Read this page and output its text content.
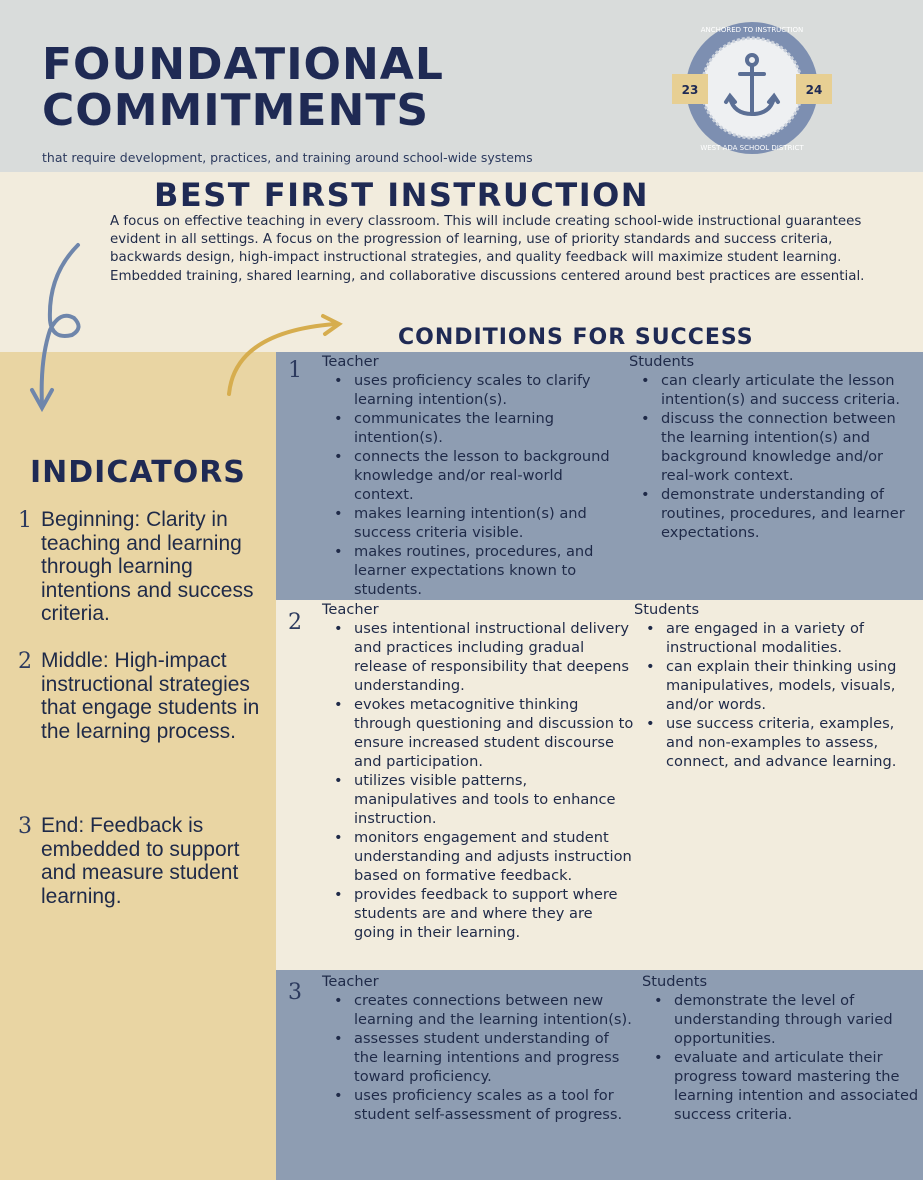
FOUNDATIONAL
COMMITMENTS
that require development, practices, and training around school-wide systems
23	24
ANCHORED TO INSTRUCTION
WEST ADA SCHOOL DISTRICT
BEST FIRST INSTRUCTION
A focus on effective teaching in every classroom. This will include creating school-wide instructional guarantees evident in all settings. A focus on the progression of learning, use of priority standards and success criteria, backwards design, high-impact instructional strategies, and quality feedback will maximize student learning. Embedded training, shared learning, and collaborative discussions centered around best practices are essential.
CONDITIONS FOR SUCCESS
INDICATORS
1 Beginning: Clarity in teaching and learning through learning intentions and success criteria.
2 Middle: High-impact instructional strategies that engage students in the learning process.
3 End: Feedback is embedded to support and measure student learning.
1 Teacher
• uses proficiency scales to clarify learning intention(s).
• communicates the learning intention(s).
• connects the lesson to background knowledge and/or real-world context.
• makes learning intention(s) and success criteria visible.
• makes routines, procedures, and learner expectations known to students.
Students
• can clearly articulate the lesson intention(s) and success criteria.
• discuss the connection between the learning intention(s) and background knowledge and/or real-work context.
• demonstrate understanding of routines, procedures, and learner expectations.
2
Teacher
• uses intentional instructional delivery and practices including gradual release of responsibility that deepens understanding.
• evokes metacognitive thinking through questioning and discussion to ensure increased student discourse and participation.
• utilizes visible patterns, manipulatives and tools to enhance instruction.
• monitors engagement and student understanding and adjusts instruction based on formative feedback.
• provides feedback to support where students are and where they are going in their learning.
Students
• are engaged in a variety of instructional modalities.
• can explain their thinking using manipulatives, models, visuals, and/or words.
• use success criteria, examples, and non-examples to assess, connect, and advance learning.
3 Teacher
• creates connections between new learning and the learning intention(s).
• assesses student understanding of the learning intentions and progress toward proficiency.
• uses proficiency scales as a tool for student self-assessment of progress.
Students
• demonstrate the level of understanding through varied opportunities.
• evaluate and articulate their progress toward mastering the learning intention and associated success criteria.
